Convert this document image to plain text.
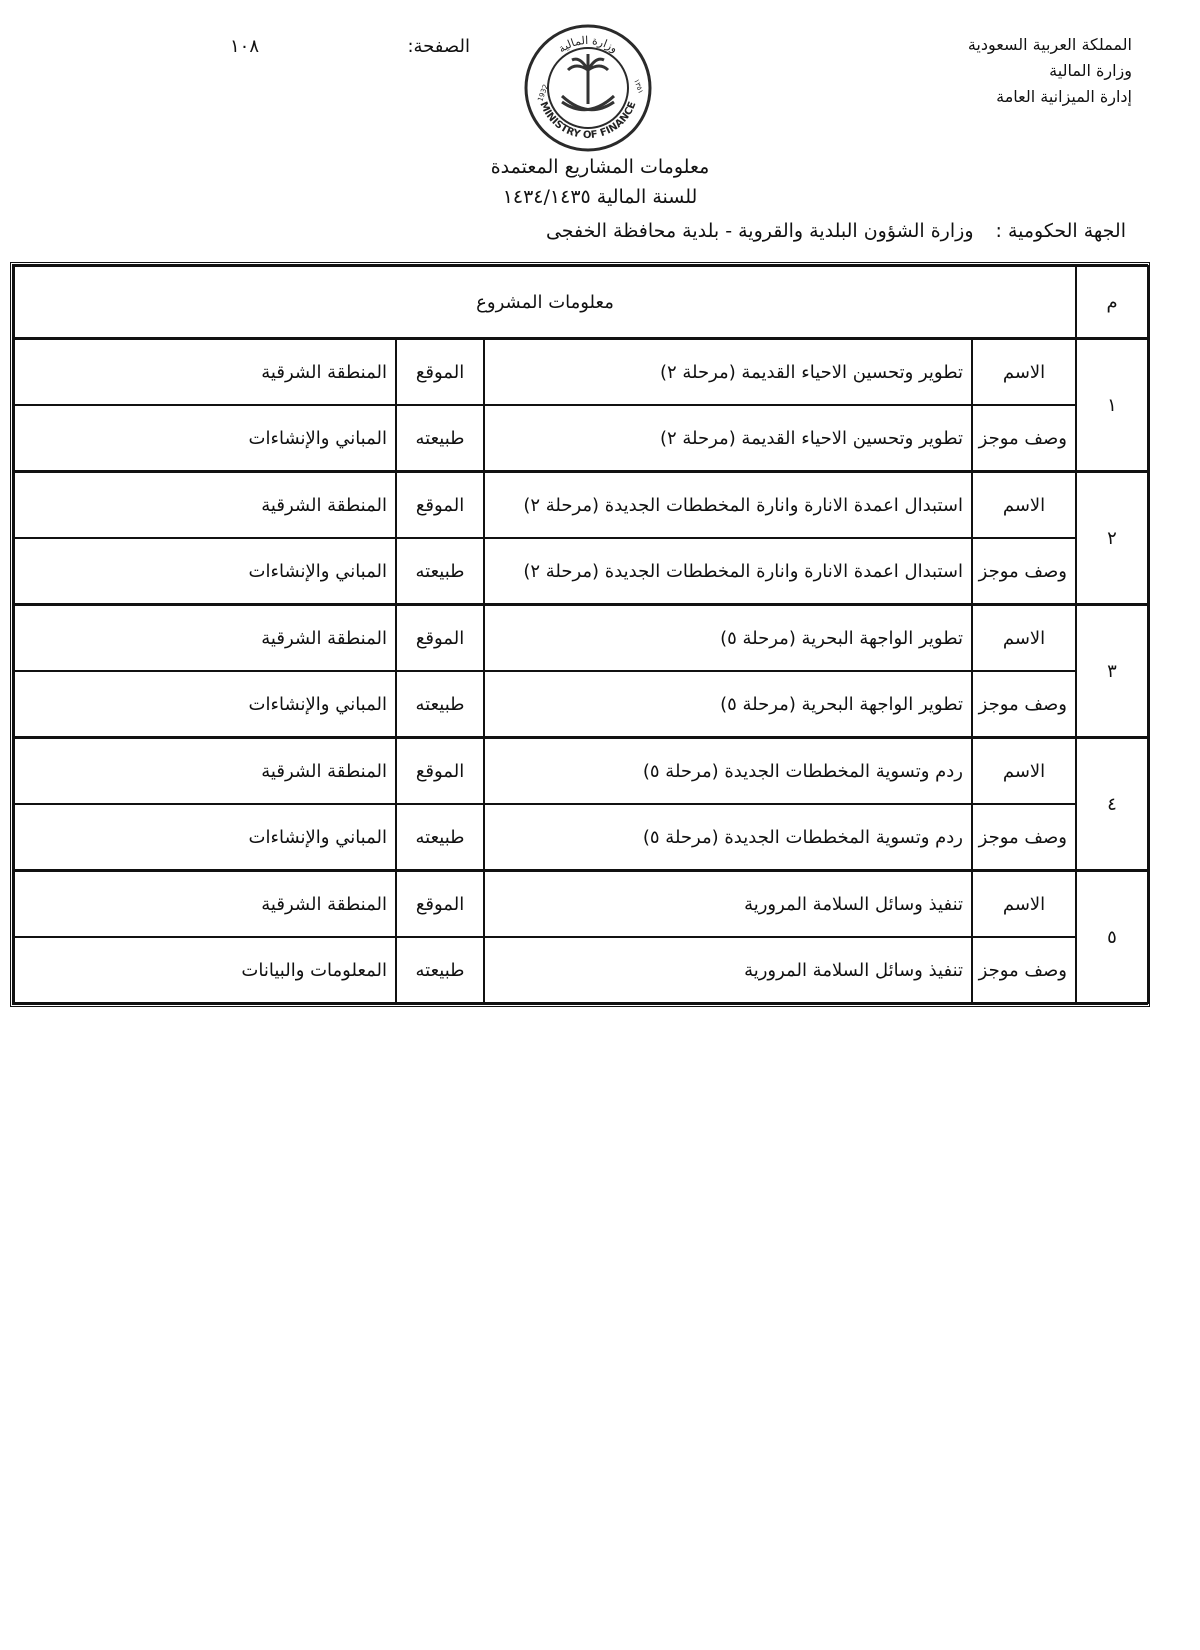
المملكة العربية السعودية
وزارة المالية
إدارة الميزانية العامة
الصفحة:
١٠٨
MINISTRY OF FINANCE
وزارة المالية
1932	١٣٥١
معلومات المشاريع المعتمدة
للسنة المالية ١٤٣٤/١٤٣٥
الجهة الحكومية :
وزارة الشؤون البلدية والقروية - بلدية محافظة الخفجى
م	معلومات المشروع			
١	الاسم	تطوير وتحسين الاحياء القديمة (مرحلة ٢)	الموقع	المنطقة الشرقية
	وصف موجز	تطوير وتحسين الاحياء القديمة (مرحلة ٢)	طبيعته	المباني والإنشاءات
٢	الاسم	استبدال اعمدة الانارة وانارة المخططات الجديدة (مرحلة ٢)	الموقع	المنطقة الشرقية
	وصف موجز	استبدال اعمدة الانارة وانارة المخططات الجديدة (مرحلة ٢)	طبيعته	المباني والإنشاءات
٣	الاسم	تطوير الواجهة البحرية (مرحلة ٥)	الموقع	المنطقة الشرقية
	وصف موجز	تطوير الواجهة البحرية (مرحلة ٥)	طبيعته	المباني والإنشاءات
٤	الاسم	ردم وتسوية المخططات الجديدة (مرحلة ٥)	الموقع	المنطقة الشرقية
	وصف موجز	ردم وتسوية المخططات الجديدة (مرحلة ٥)	طبيعته	المباني والإنشاءات
٥	الاسم	تنفيذ وسائل السلامة المرورية	الموقع	المنطقة الشرقية
	وصف موجز	تنفيذ وسائل السلامة المرورية	طبيعته	المعلومات والبيانات
